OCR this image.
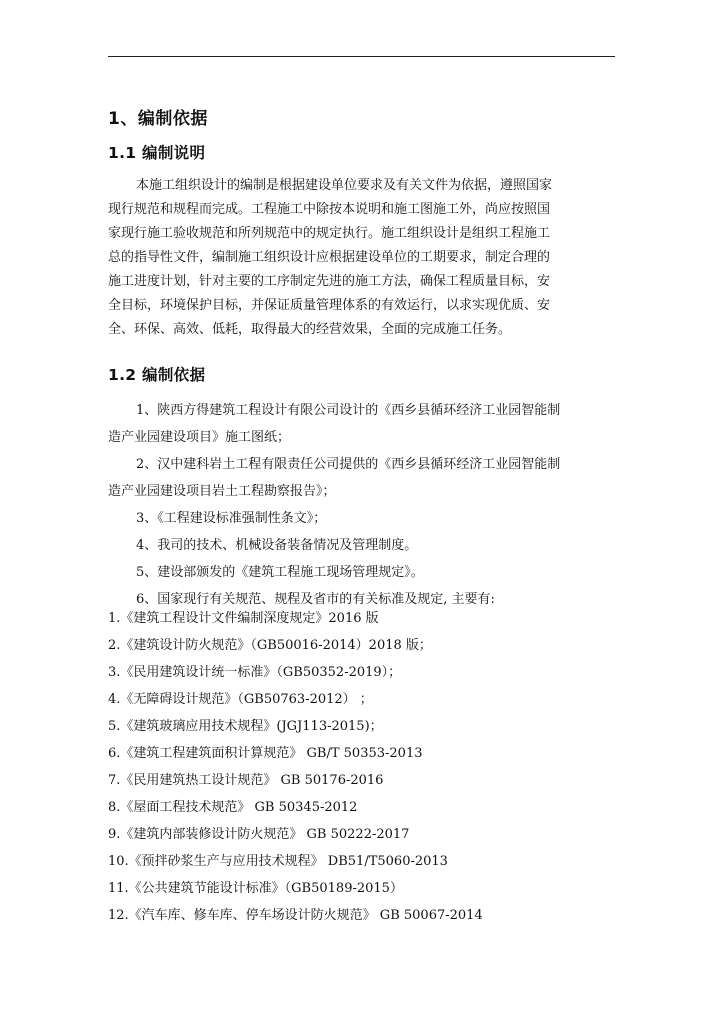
1、编制依据
1.1 编制说明
本施工组织设计的编制是根据建设单位要求及有关文件为依据，遵照国家
现行规范和规程而完成。工程施工中除按本说明和施工图施工外，尚应按照国
家现行施工验收规范和所列规范中的规定执行。施工组织设计是组织工程施工
总的指导性文件，编制施工组织设计应根据建设单位的工期要求，制定合理的
施工进度计划，针对主要的工序制定先进的施工方法，确保工程质量目标，安
全目标，环境保护目标，并保证质量管理体系的有效运行，以求实现优质、安
全、环保、高效、低耗，取得最大的经营效果，全面的完成施工任务。
1.2 编制依据
1、陕西方得建筑工程设计有限公司设计的《西乡县循环经济工业园智能制
造产业园建设项目》施工图纸；
2、汉中建科岩土工程有限责任公司提供的《西乡县循环经济工业园智能制
造产业园建设项目岩土工程勘察报告》；
3、《工程建设标准强制性条文》；
4、我司的技术、机械设备装备情况及管理制度。
5、建设部颁发的《建筑工程施工现场管理规定》。
6、国家现行有关规范、规程及省市的有关标准及规定, 主要有:
1.《建筑工程设计文件编制深度规定》2016 版
2.《建筑设计防火规范》（GB50016-2014）2018 版；
3.《民用建筑设计统一标准》（GB50352-2019）；
4.《无障碍设计规范》（GB50763-2012） ；
5.《建筑玻璃应用技术规程》(JGJ113-2015)；
6.《建筑工程建筑面积计算规范》 GB/T 50353-2013
7.《民用建筑热工设计规范》 GB 50176-2016
8.《屋面工程技术规范》 GB 50345-2012
9.《建筑内部装修设计防火规范》 GB 50222-2017
10.《预拌砂浆生产与应用技术规程》 DB51/T5060-2013
11.《公共建筑节能设计标准》（GB50189-2015）
12.《汽车库、修车库、停车场设计防火规范》 GB 50067-2014
